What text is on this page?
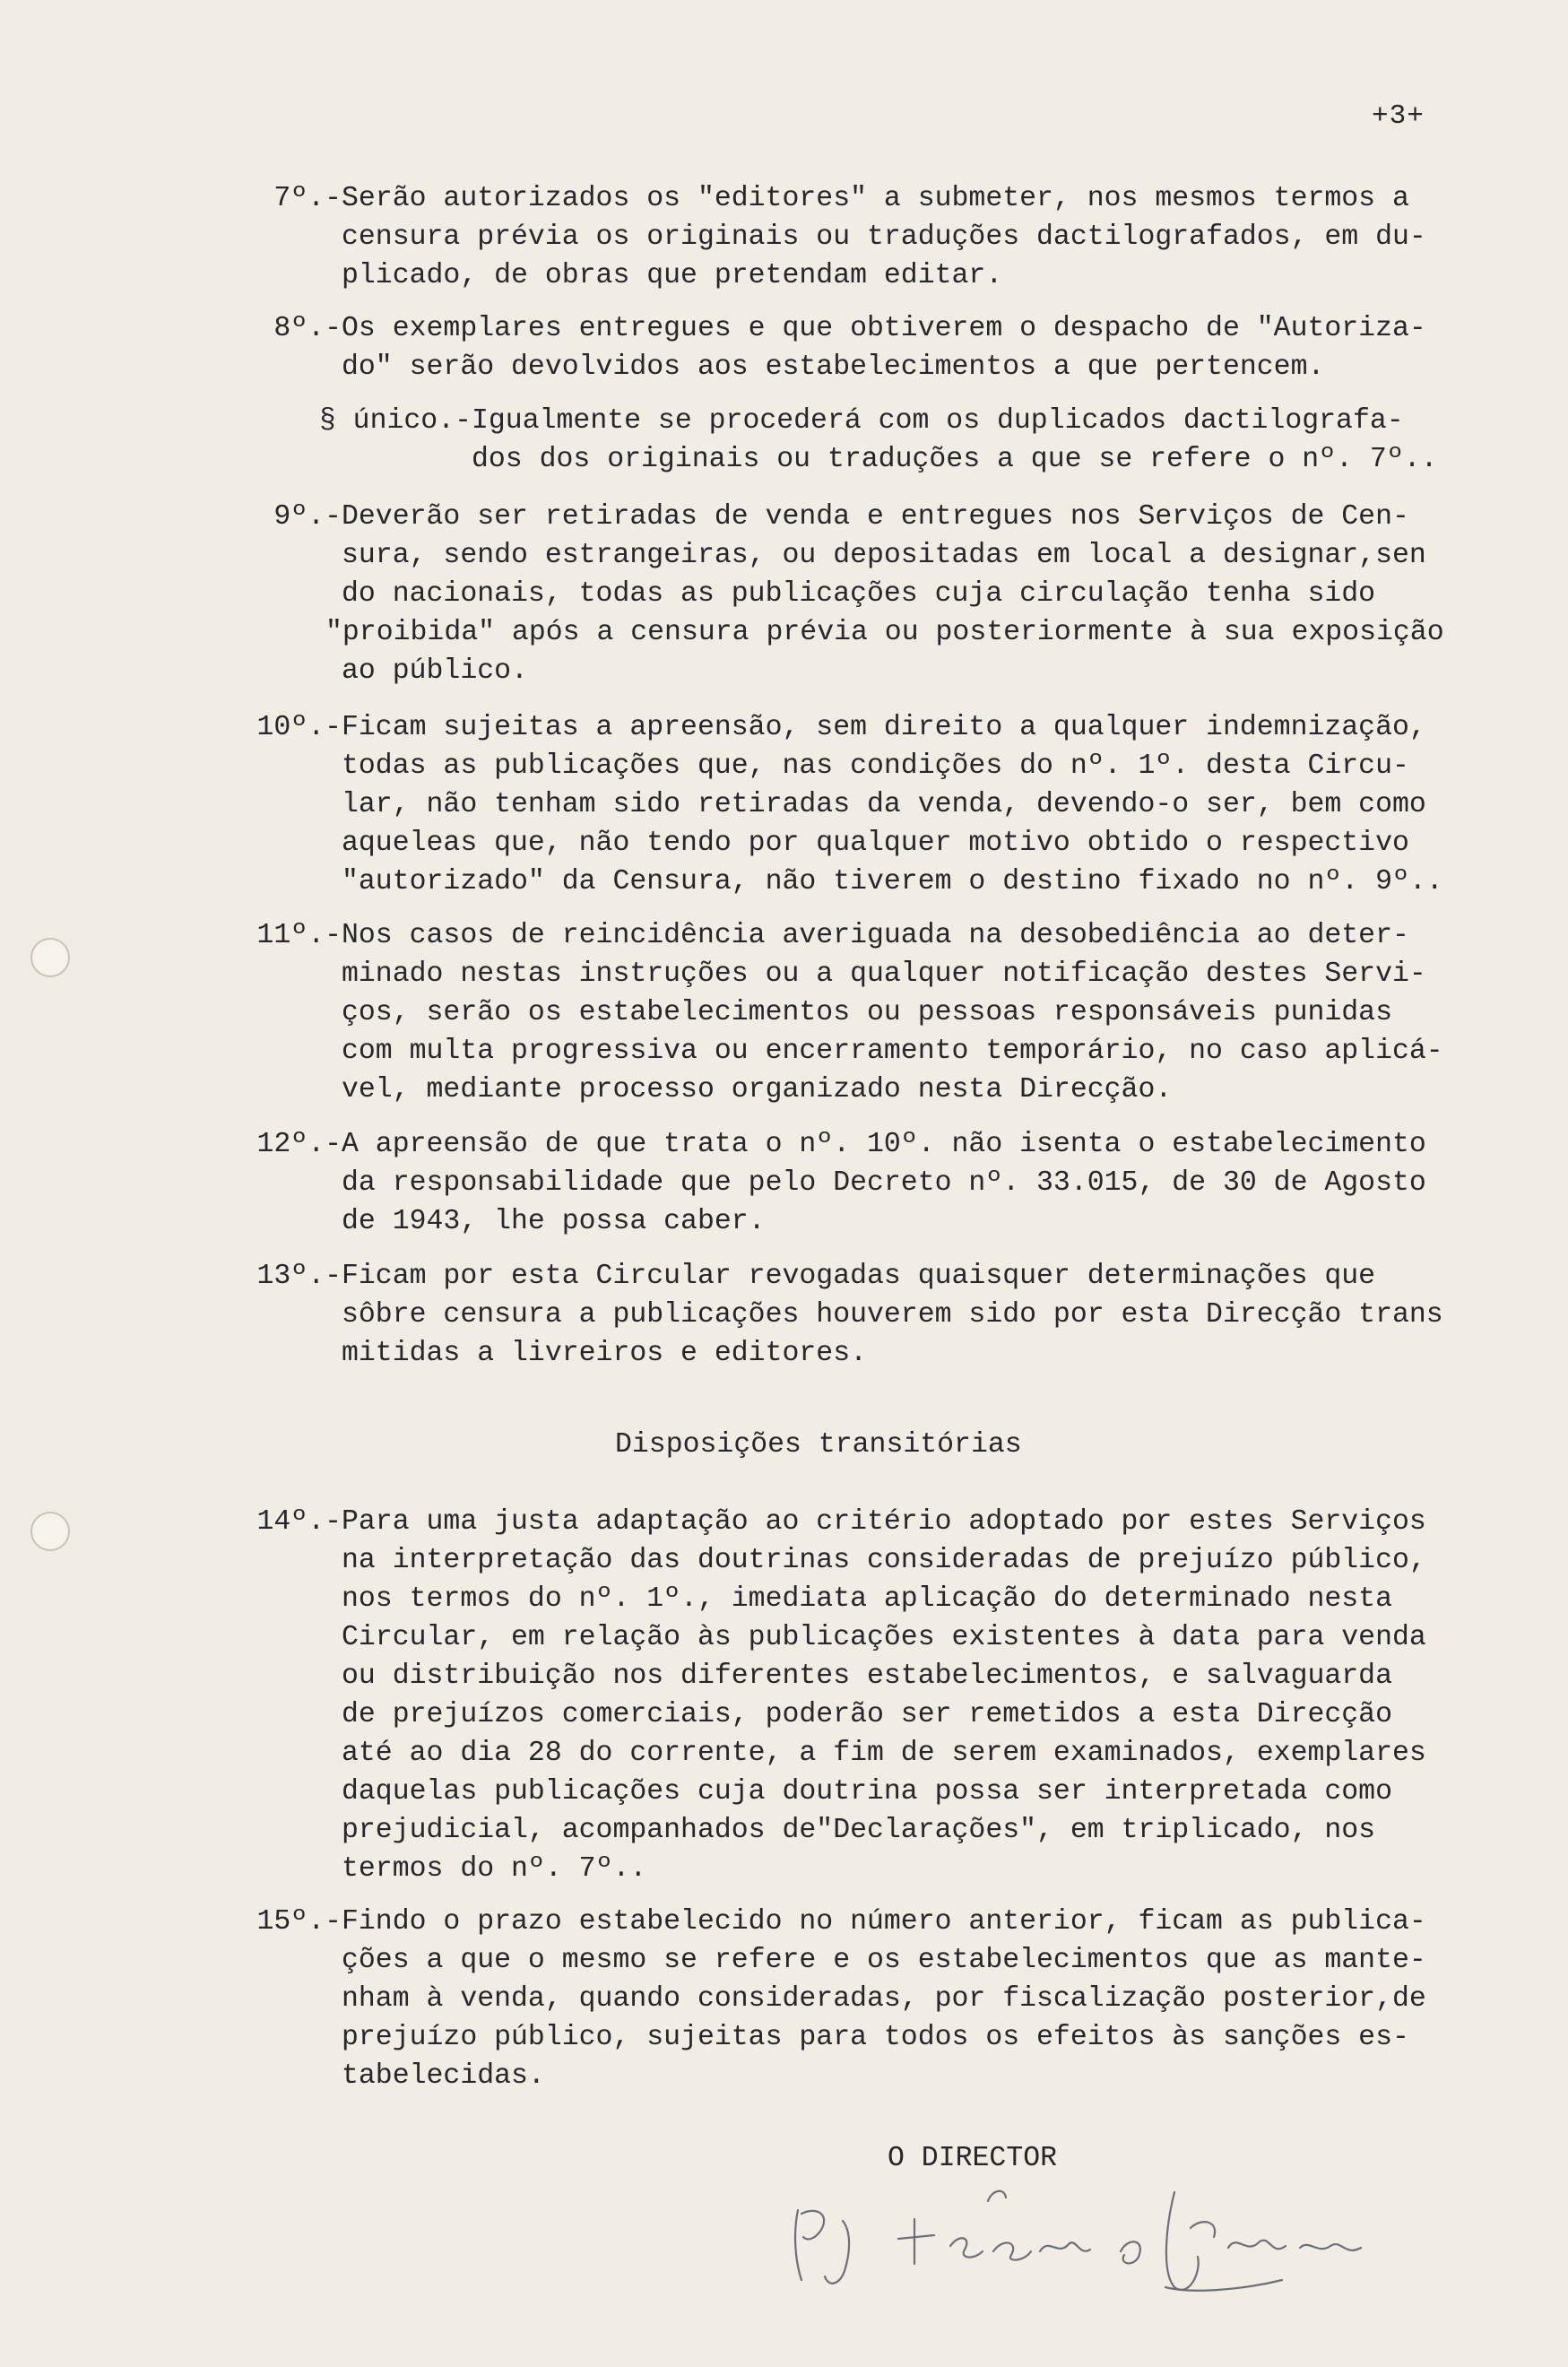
+3+
7º.- Serão autorizados os "editores" a submeter, nos mesmos termos a
censura prévia os originais ou traduções dactilografados, em du-
plicado, de obras que pretendam editar.
8º.- Os exemplares entregues e que obtiverem o despacho de "Autoriza-
do" serão devolvidos aos estabelecimentos a que pertencem.
§ único.- Igualmente se procederá com os duplicados dactilografa-
dos dos originais ou traduções a que se refere o nº. 7º..
9º.- Deverão ser retiradas de venda e entregues nos Serviços de Cen-
sura, sendo estrangeiras, ou depositadas em local a designar,sen
do nacionais, todas as publicações cuja circulação tenha sido
"proibida" após a censura prévia ou posteriormente à sua exposição
ao público.
10º.- Ficam sujeitas a apreensão, sem direito a qualquer indemnização,
todas as publicações que, nas condições do nº. 1º. desta Circu-
lar, não tenham sido retiradas da venda, devendo-o ser, bem como
aqueleas que, não tendo por qualquer motivo obtido o respectivo
"autorizado" da Censura, não tiverem o destino fixado no nº. 9º..
11º.- Nos casos de reincidência averiguada na desobediência ao deter-
minado nestas instruções ou a qualquer notificação destes Servi-
ços, serão os estabelecimentos ou pessoas responsáveis punidas
com multa progressiva ou encerramento temporário, no caso aplicá-
vel, mediante processo organizado nesta Direcção.
12º.- A apreensão de que trata o nº. 10º. não isenta o estabelecimento
da responsabilidade que pelo Decreto nº. 33.015, de 30 de Agosto
de 1943, lhe possa caber.
13º.- Ficam por esta Circular revogadas quaisquer determinações que
sôbre censura a publicações houverem sido por esta Direcção trans
mitidas a livreiros e editores.
Disposições transitórias
14º.- Para uma justa adaptação ao critério adoptado por estes Serviços
na interpretação das doutrinas consideradas de prejuízo público,
nos termos do nº. 1º., imediata aplicação do determinado nesta
Circular, em relação às publicações existentes à data para venda
ou distribuição nos diferentes estabelecimentos, e salvaguarda
de prejuízos comerciais, poderão ser remetidos a esta Direcção
até ao dia 28 do corrente, a fim de serem examinados, exemplares
daquelas publicações cuja doutrina possa ser interpretada como
prejudicial, acompanhados de"Declarações", em triplicado, nos
termos do nº. 7º..
15º.- Findo o prazo estabelecido no número anterior, ficam as publica-
ções a que o mesmo se refere e os estabelecimentos que as mante-
nham à venda, quando consideradas, por fiscalização posterior,de
prejuízo público, sujeitas para todos os efeitos às sanções es-
tabelecidas.
O DIRECTOR
